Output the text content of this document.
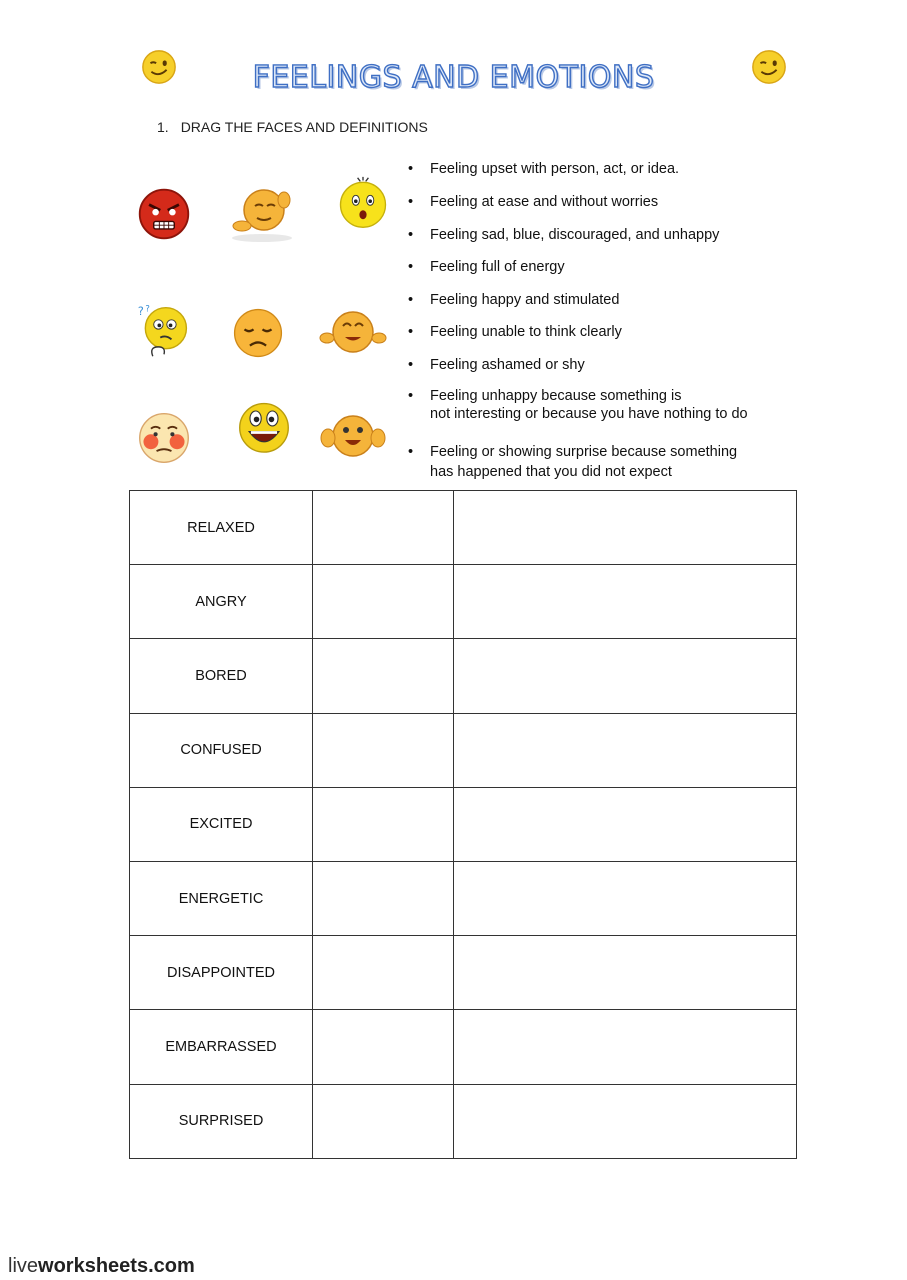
FEELINGS AND EMOTIONS
1. DRAG THE FACES AND DEFINITIONS
? ?
• Feeling upset with person, act, or idea.
• Feeling at ease and without worries
• Feeling sad, blue, discouraged, and unhappy
• Feeling full of energy
• Feeling happy and stimulated
• Feeling unable to think clearly
• Feeling ashamed or shy
• Feeling unhappy because something is
not interesting or because you have nothing to do
• Feeling or showing surprise because something
has happened that you did not expect
RELAXED		
ANGRY		
BORED		
CONFUSED		
EXCITED		
ENERGETIC		
DISAPPOINTED		
EMBARRASSED		
SURPRISED		
liveworksheets.com
